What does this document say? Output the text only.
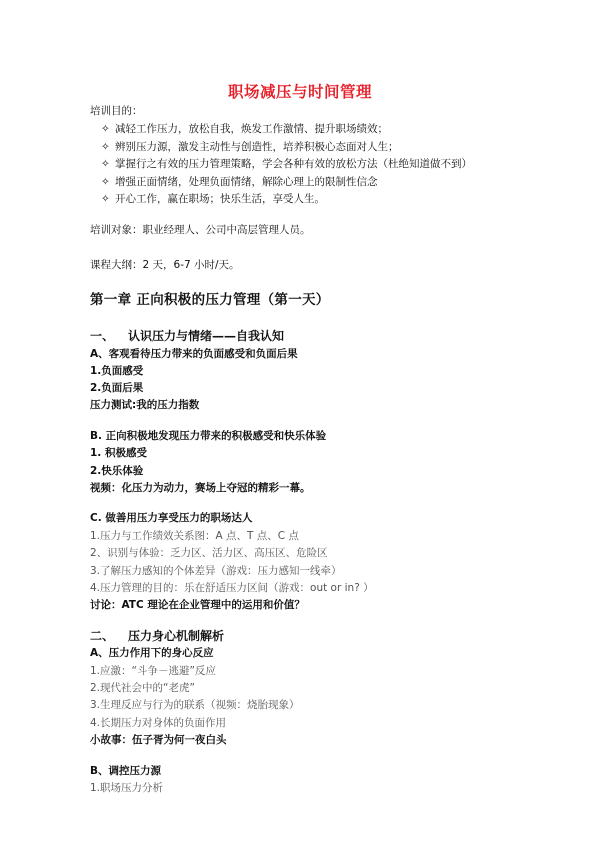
职场减压与时间管理
培训目的：
✧ 减轻工作压力，放松自我，焕发工作激情、提升职场绩效；
✧ 辨别压力源，激发主动性与创造性，培养积极心态面对人生；
✧ 掌握行之有效的压力管理策略，学会各种有效的放松方法（杜绝知道做不到）
✧ 增强正面情绪，处理负面情绪，解除心理上的限制性信念
✧ 开心工作，赢在职场；快乐生活，享受人生。
培训对象：职业经理人、公司中高层管理人员。
课程大纲：2 天，6-7 小时/天。
第一章 正向积极的压力管理（第一天）
一、 认识压力与情绪——自我认知
A、客观看待压力带来的负面感受和负面后果
1.负面感受
2.负面后果
压力测试:我的压力指数
B. 正向积极地发现压力带来的积极感受和快乐体验
1. 积极感受
2.快乐体验
视频：化压力为动力，赛场上夺冠的精彩一幕。
C. 做善用压力享受压力的职场达人
1.压力与工作绩效关系图：A 点、T 点、C 点
2、识别与体验：乏力区、活力区、高压区、危险区
3.了解压力感知的个体差异（游戏：压力感知一线牵）
4.压力管理的目的：乐在舒适压力区间（游戏：out or in? ）
讨论：ATC 理论在企业管理中的运用和价值？
二、 压力身心机制解析
A、压力作用下的身心反应
1.应激：“斗争－逃避”反应
2.现代社会中的“老虎”
3.生理反应与行为的联系（视频：烧胎现象）
4.长期压力对身体的负面作用
小故事：伍子胥为何一夜白头
B、调控压力源
1.职场压力分析
